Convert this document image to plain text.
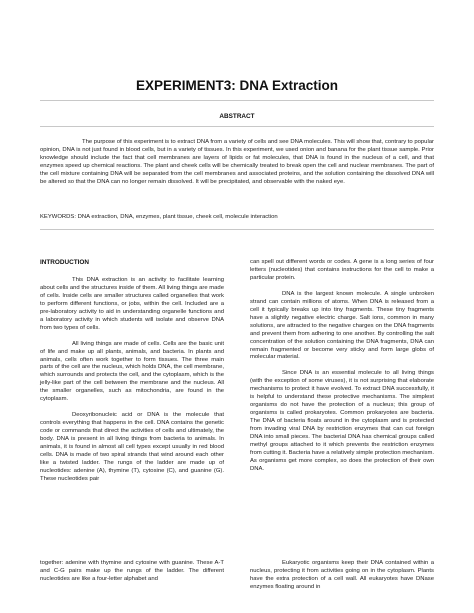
EXPERIMENT3: DNA Extraction
ABSTRACT

The purpose of this experiment is to extract DNA from a variety of cells and see DNA molecules. This will show that, contrary to popular opinion, DNA is not just found in blood cells, but in a variety of tissues. In this experiment, we used onion and banana for the plant tissue sample. Prior knowledge should include the fact that cell membranes are layers of lipids or fat molecules, that DNA is found in the nucleus of a cell, and that enzymes speed up chemical reactions. The plant and cheek cells will be chemically treated to break open the cell and nuclear membranes. The part of the cell mixture containing DNA will be separated from the cell membranes and associated proteins, and the solution containing the dissolved DNA will be altered so that the DNA can no longer remain dissolved. It will be precipitated, and observable with the naked eye.

KEYWORDS: DNA extraction, DNA, enzymes, plant tissue, cheek cell, molecule interaction

INTRODUCTION

This DNA extraction is an activity to facilitate learning about cells and the structures inside of them. All living things are made of cells. Inside cells are smaller structures called organelles that work to perform different functions, or jobs, within the cell. Included are a pre-laboratory activity to aid in understanding organelle functions and a laboratory activity in which students will isolate and observe DNA from two types of cells.

All living things are made of cells. Cells are the basic unit of life and make up all plants, animals, and bacteria. In plants and animals, cells often work together to form tissues. The three main parts of the cell are the nucleus, which holds DNA, the cell membrane, which surrounds and protects the cell, and the cytoplasm, which is the jelly-like part of the cell between the membrane and the nucleus. All the smaller organelles, such as mitochondria, are found in the cytoplasm.

Deoxyribonucleic acid or DNA is the molecule that controls everything that happens in the cell. DNA contains the genetic code or commands that direct the activities of cells and ultimately, the body. DNA is present in all living things from bacteria to animals. In animals, it is found in almost all cell types except usually in red blood cells. DNA is made of two spiral strands that wind around each other like a twisted ladder. The rungs of the ladder are made up of nucleotides: adenine (A), thymine (T), cytosine (C), and guanine (G). These nucleotides pair

can spell out different words or codes. A gene is a long series of four letters (nucleotides) that contains instructions for the cell to make a particular protein.

DNA is the largest known molecule. A single unbroken strand can contain millions of atoms. When DNA is released from a cell it typically breaks up into tiny fragments. These tiny fragments have a slightly negative electric charge. Salt ions, common in many solutions, are attracted to the negative charges on the DNA fragments and prevent them from adhering to one another. By controlling the salt concentration of the solution containing the DNA fragments, DNA can remain fragmented or become very sticky and form large globs of molecular material.

Since DNA is an essential molecule to all living things (with the exception of some viruses), it is not surprising that elaborate mechanisms to protect it have evolved. To extract DNA successfully, it is helpful to understand these protective mechanisms. The simplest organisms do not have the protection of a nucleus; this group of organisms is called prokaryotes. Common prokaryotes are bacteria. The DNA of bacteria floats around in the cytoplasm and is protected from invading viral DNA by restriction enzymes that can cut foreign DNA into small pieces. The bacterial DNA has chemical groups called methyl groups attached to it which prevents the restriction enzymes from cutting it. Bacteria have a relatively simple protection mechanism. As organisms get more complex, so does the protection of their own DNA.

together: adenine with thymine and cytosine with guanine. These A-T and C-G pairs make up the rungs of the ladder. The different nucleotides are like a four-letter alphabet and

Eukaryotic organisms keep their DNA contained within a nucleus, protecting it from activities going on in the cytoplasm. Plants have the extra protection of a cell wall. All eukaryotes have DNase enzymes floating around in
